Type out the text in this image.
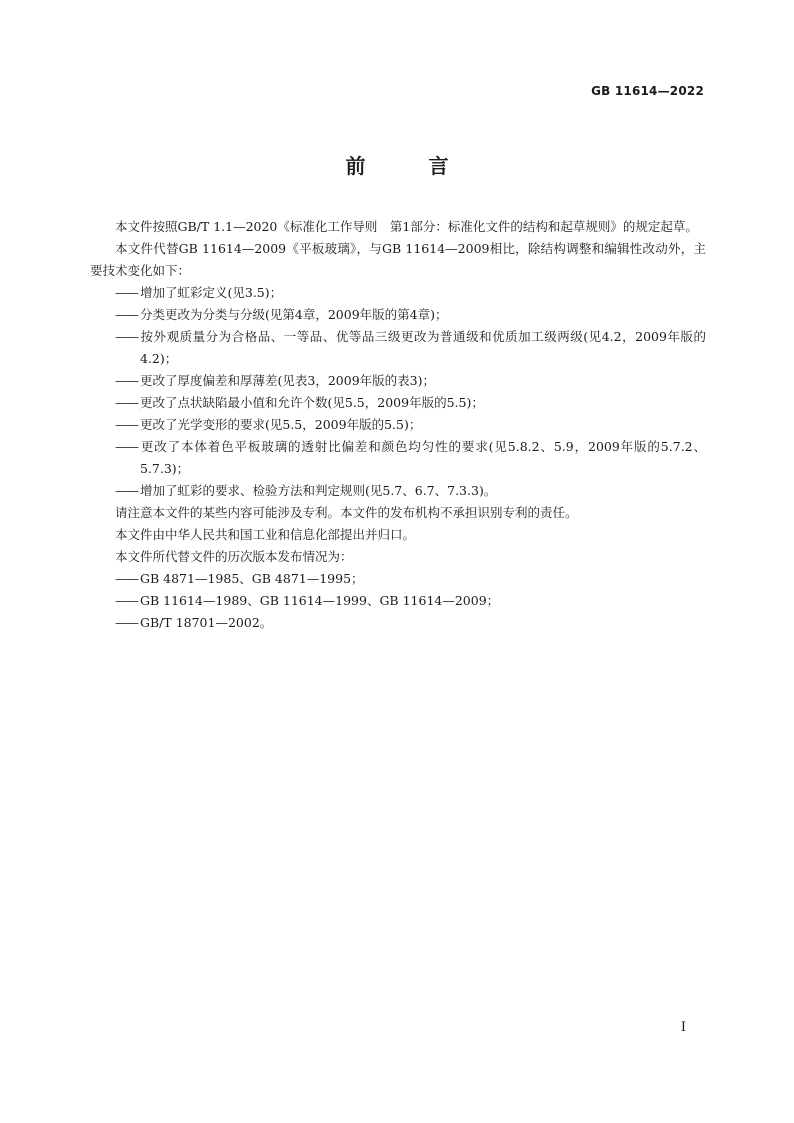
GB 11614—2022
前 言

本文件按照GB/T 1.1—2020《标准化工作导则　第1部分：标准化文件的结构和起草规则》的规定起草。

本文件代替GB 11614—2009《平板玻璃》，与GB 11614—2009相比，除结构调整和编辑性改动外，主要技术变化如下：

—— 增加了虹彩定义(见3.5)；

—— 分类更改为分类与分级(见第4章，2009年版的第4章)；

—— 按外观质量分为合格品、一等品、优等品三级更改为普通级和优质加工级两级(见4.2，2009年版的4.2)；

—— 更改了厚度偏差和厚薄差(见表3，2009年版的表3)；

—— 更改了点状缺陷最小值和允许个数(见5.5，2009年版的5.5)；

—— 更改了光学变形的要求(见5.5，2009年版的5.5)；

—— 更改了本体着色平板玻璃的透射比偏差和颜色均匀性的要求(见5.8.2、5.9，2009年版的5.7.2、5.7.3)；

—— 增加了虹彩的要求、检验方法和判定规则(见5.7、6.7、7.3.3)。

请注意本文件的某些内容可能涉及专利。本文件的发布机构不承担识别专利的责任。

本文件由中华人民共和国工业和信息化部提出并归口。

本文件所代替文件的历次版本发布情况为：

—— GB 4871—1985、GB 4871—1995；

—— GB 11614—1989、GB 11614—1999、GB 11614—2009；

—— GB/T 18701—2002。

Ⅰ
